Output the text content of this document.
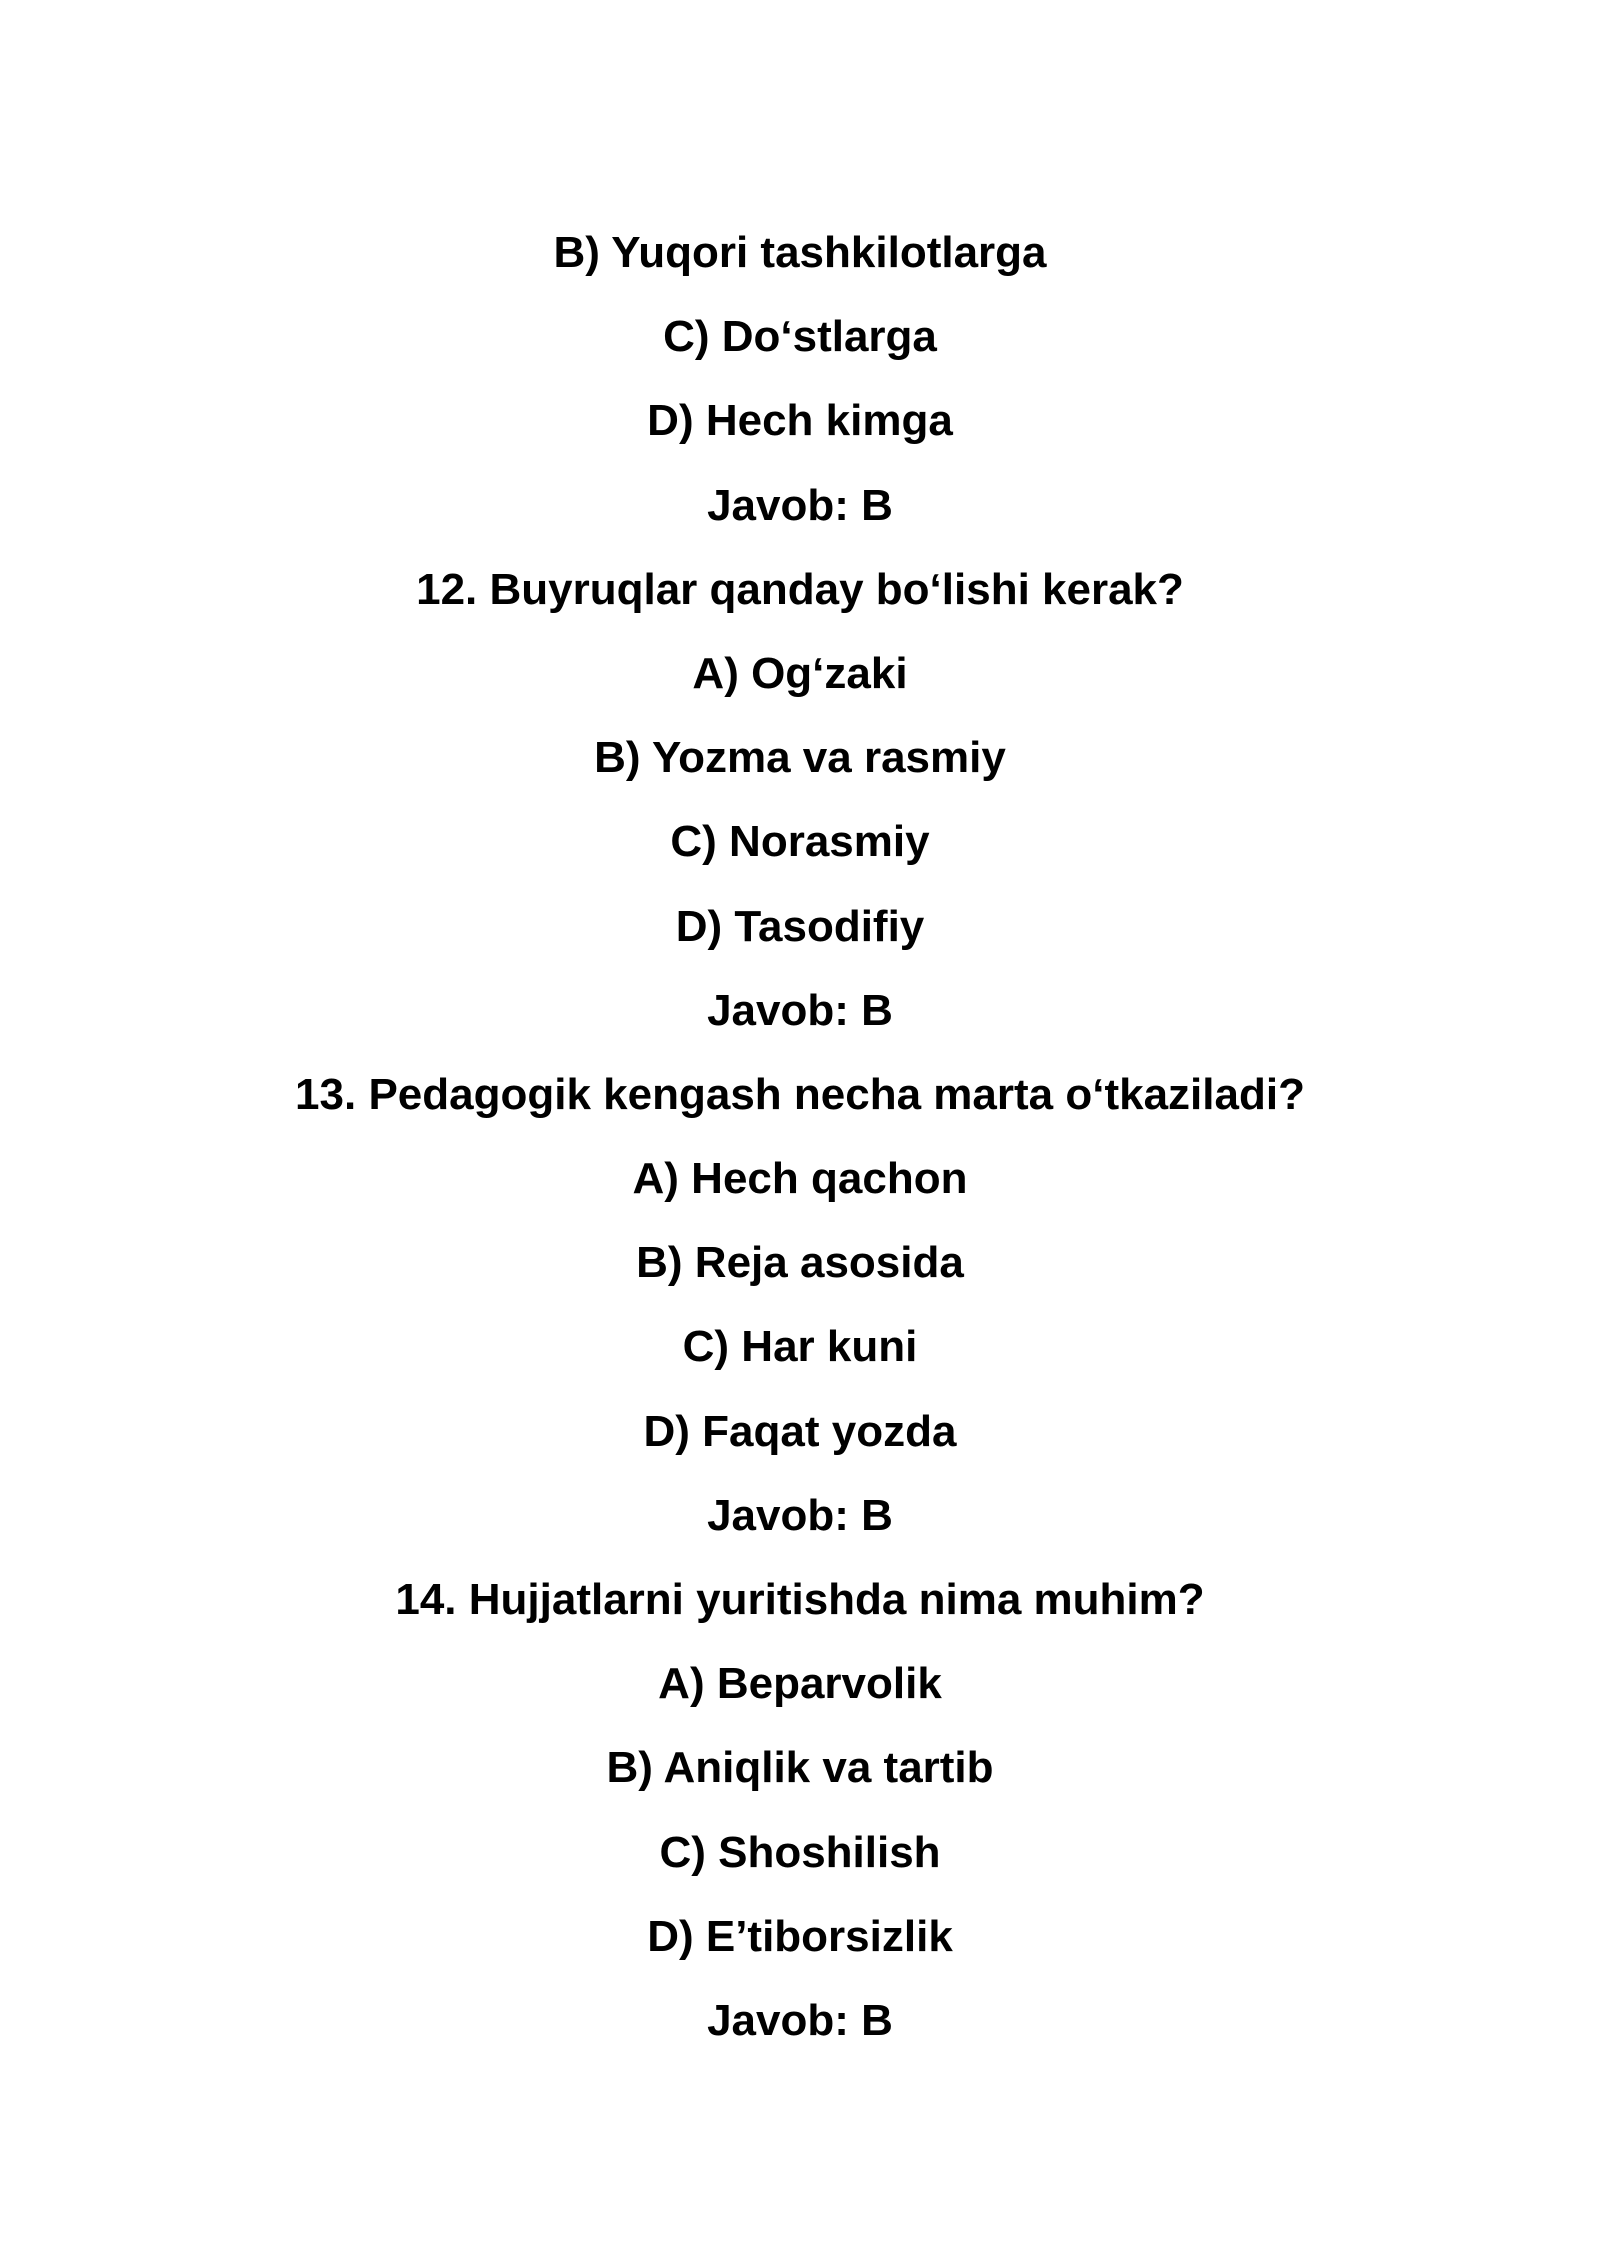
B) Yuqori tashkilotlarga
C) Doʻstlarga
D) Hech kimga
Javob: B
12. Buyruqlar qanday boʻlishi kerak?
A) Ogʻzaki
B) Yozma va rasmiy
C) Norasmiy
D) Tasodifiy
Javob: B
13. Pedagogik kengash necha marta oʻtkaziladi?
A) Hech qachon
B) Reja asosida
C) Har kuni
D) Faqat yozda
Javob: B
14. Hujjatlarni yuritishda nima muhim?
A) Beparvolik
B) Aniqlik va tartib
C) Shoshilish
D) E’tiborsizlik
Javob: B
